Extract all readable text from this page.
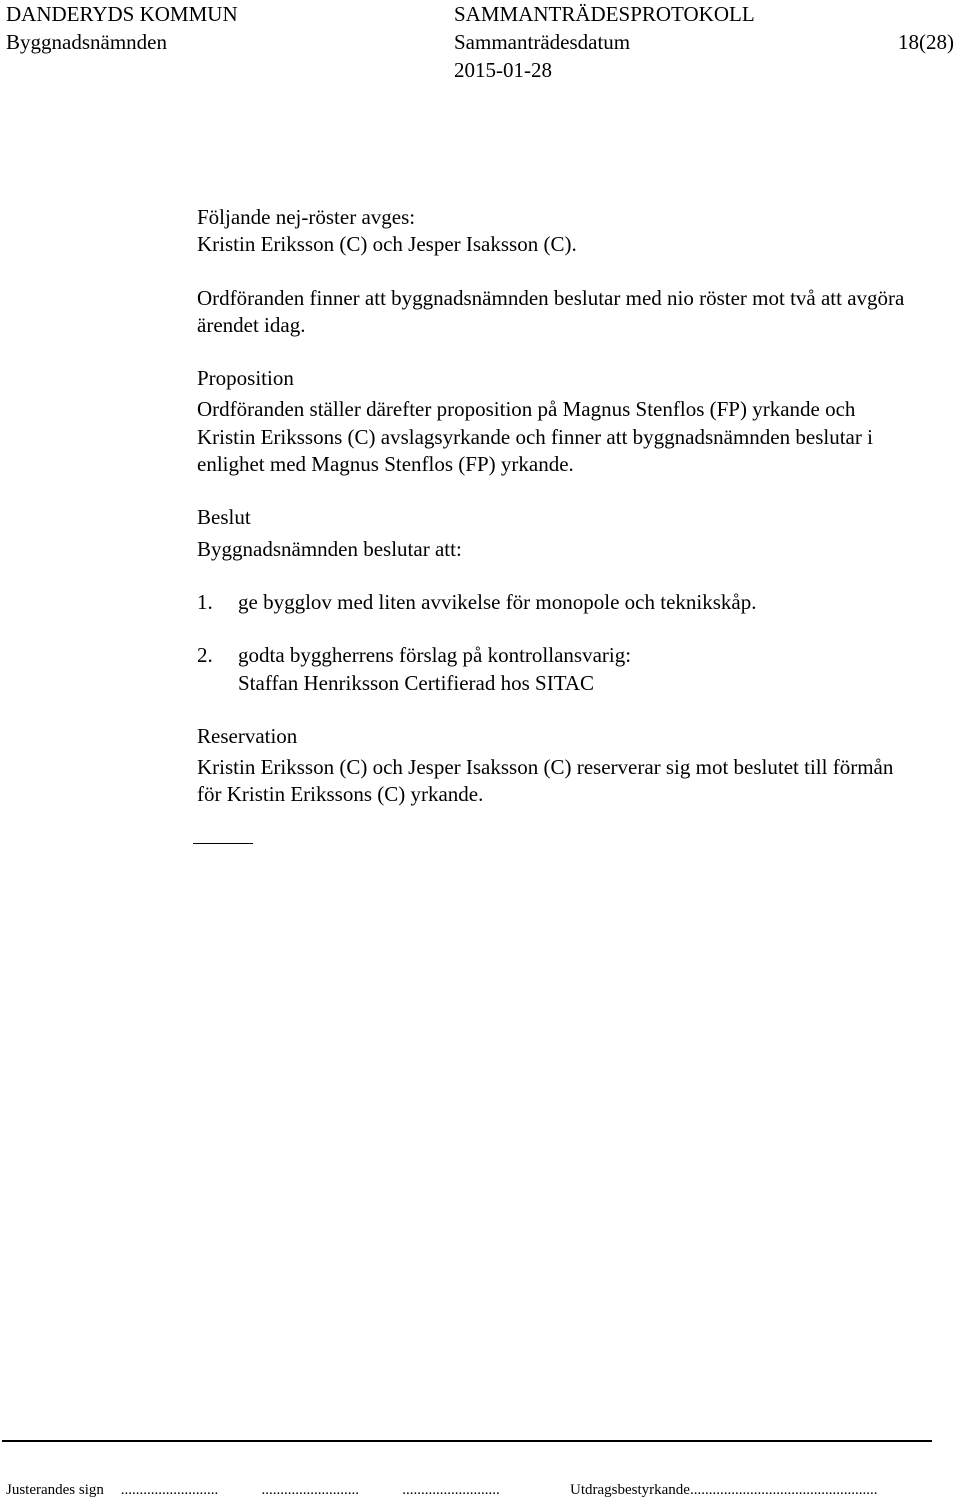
DANDERYDS KOMMUN
Byggnadsnämnden
SAMMANTRÄDESPROTOKOLL
Sammanträdesdatum
2015-01-28
18(28)

Följande nej-röster avges:

Kristin Eriksson (C) och Jesper Isaksson (C).

Ordföranden finner att byggnadsnämnden beslutar med nio röster mot två att avgöra ärendet idag.

Proposition

Ordföranden ställer därefter proposition på Magnus Stenflos (FP) yrkande och Kristin Erikssons (C) avslagsyrkande och finner att byggnadsnämnden beslutar i enlighet med Magnus Stenflos (FP) yrkande.

Beslut

Byggnadsnämnden beslutar att:

1.	ge bygglov med liten avvikelse för monopole och teknikskåp.
2.	godta byggherrens förslag på kontrollansvarig:
Staffan Henriksson Certifierad hos SITAC

Reservation

Kristin Eriksson (C) och Jesper Isaksson (C) reserverar sig mot beslutet till förmån för Kristin Erikssons (C) yrkande.

Justerandes sign ..........................	..........................	..........................	Utdragsbestyrkande..................................................
